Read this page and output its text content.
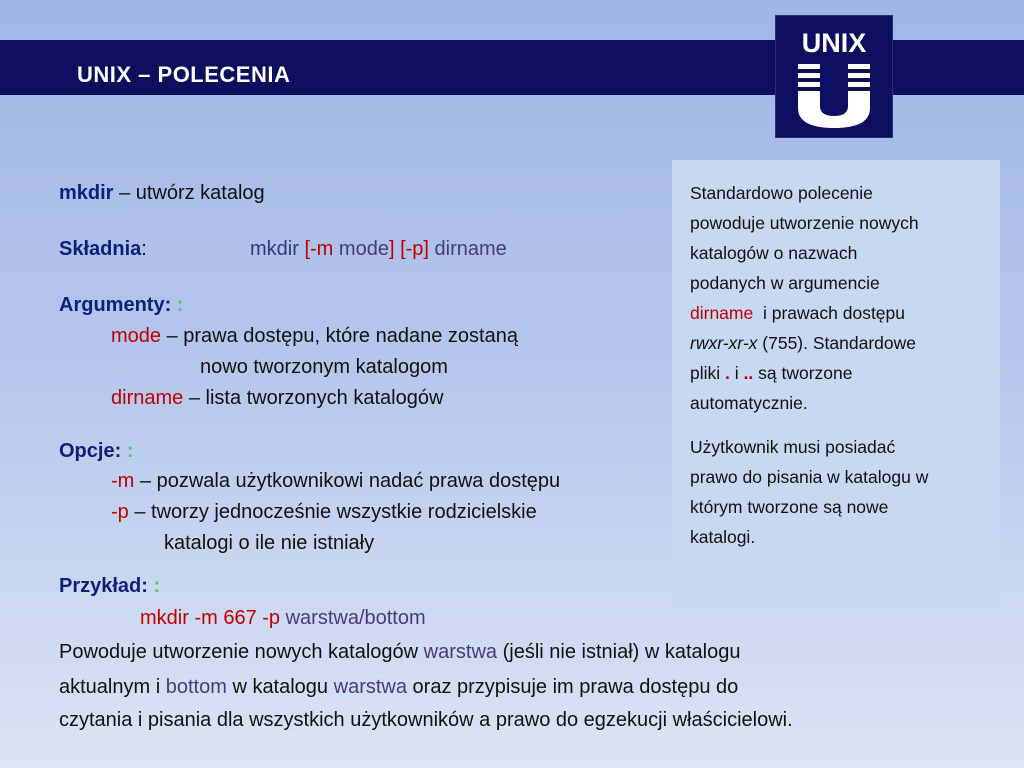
UNIX – POLECENIA
UNIX
mkdir – utwórz katalog
Składnia:	mkdir [-m mode] [-p] dirname
Argumenty: :
mode – prawa dostępu, które nadane zostaną
nowo tworzonym katalogom
dirname – lista tworzonych katalogów
Opcje: :
-m – pozwala użytkownikowi nadać prawa dostępu
-p – tworzy jednocześnie wszystkie rodzicielskie
katalogi o ile nie istniały
Przykład: :
mkdir -m 667 -p warstwa/bottom
Powoduje utworzenie nowych katalogów warstwa (jeśli nie istniał) w katalogu
aktualnym i bottom w katalogu warstwa oraz przypisuje im prawa dostępu do
czytania i pisania dla wszystkich użytkowników a prawo do egzekucji właścicielowi.
Standardowo polecenie
powoduje utworzenie nowych
katalogów o nazwach
podanych w argumencie
dirname i prawach dostępu
rwxr-xr-x (755). Standardowe
pliki . i .. są tworzone
automatycznie.
Użytkownik musi posiadać
prawo do pisania w katalogu w
którym tworzone są nowe
katalogi.
